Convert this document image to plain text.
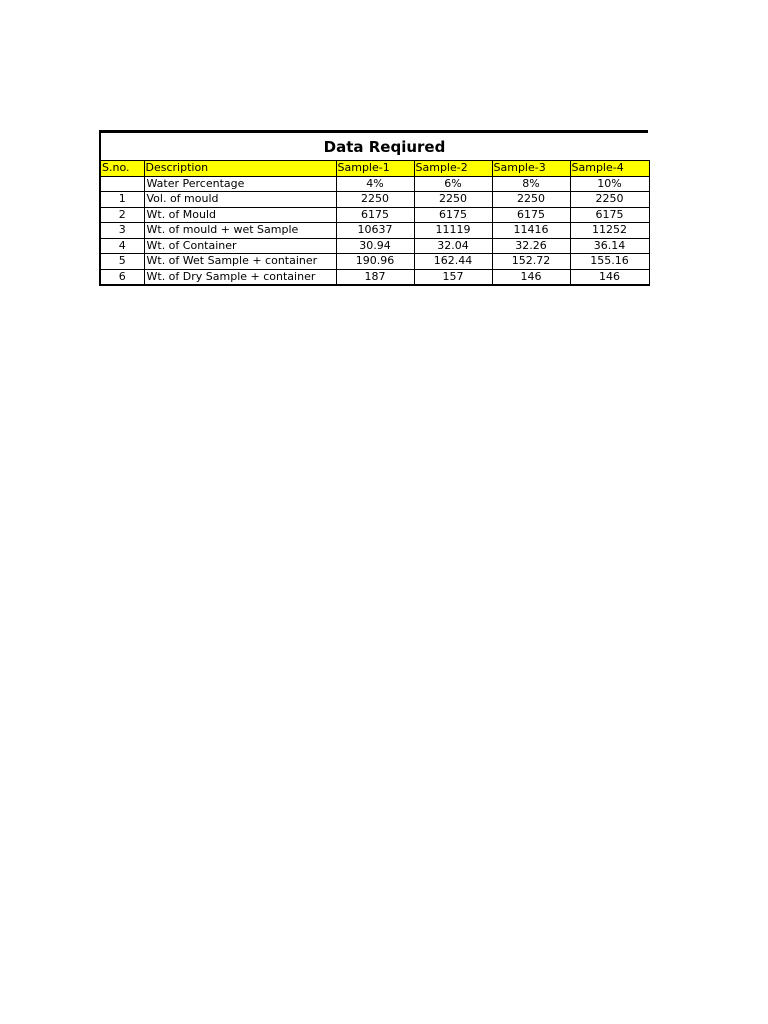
Data Reqiured
S.no.	Description	Sample-1	Sample-2	Sample-3	Sample-4
	Water Percentage	4%	6%	8%	10%
1	Vol. of mould	2250	2250	2250	2250
2	Wt. of Mould	6175	6175	6175	6175
3	Wt. of mould + wet Sample	10637	11119	11416	11252
4	Wt. of Container	30.94	32.04	32.26	36.14
5	Wt. of Wet Sample + container	190.96	162.44	152.72	155.16
6	Wt. of Dry Sample + container	187	157	146	146
